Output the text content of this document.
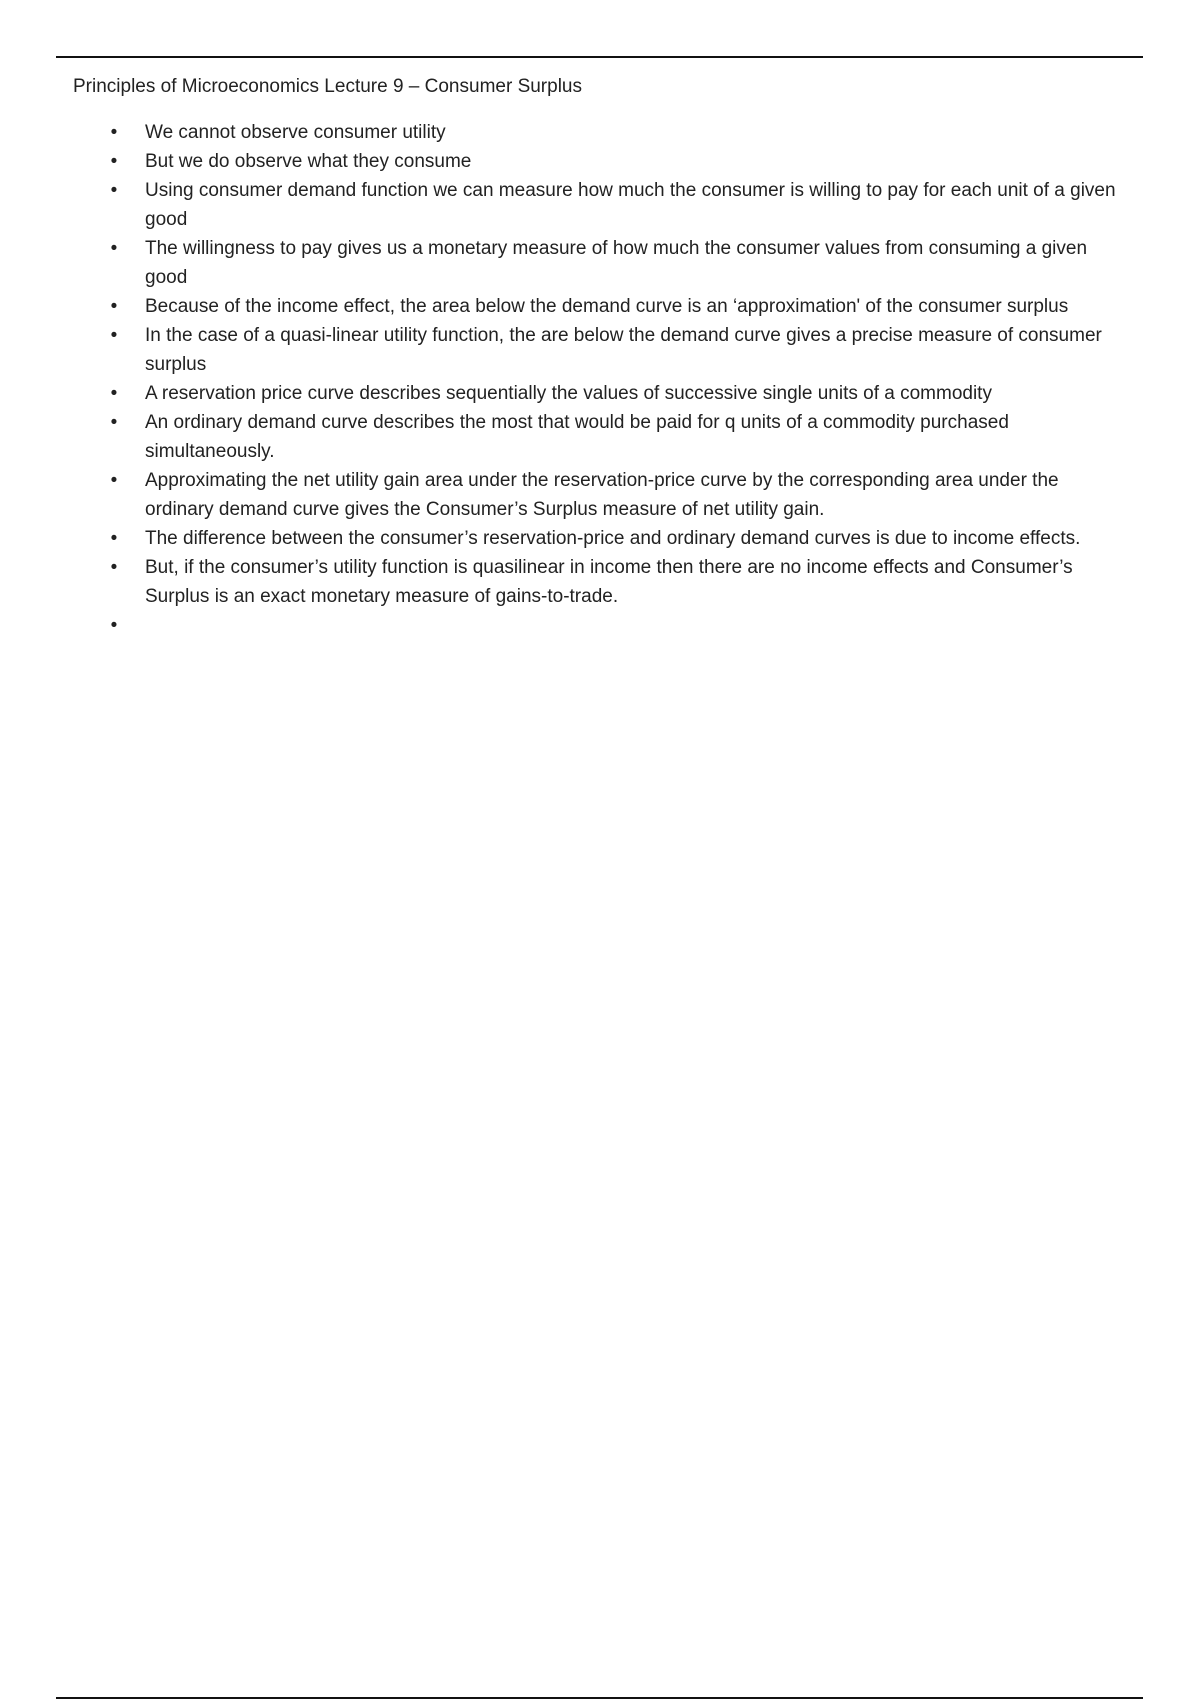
Principles of Microeconomics Lecture 9 – Consumer Surplus
• We cannot observe consumer utility
• But we do observe what they consume
• Using consumer demand function we can measure how much the consumer is willing to pay for each unit of a given good
• The willingness to pay gives us a monetary measure of how much the consumer values from consuming a given good
• Because of the income effect, the area below the demand curve is an ‘approximation' of the consumer surplus
• In the case of a quasi-linear utility function, the are below the demand curve gives a precise measure of consumer surplus
• A reservation price curve describes sequentially the values of successive single units of a commodity
• An ordinary demand curve describes the most that would be paid for q units of a commodity purchased simultaneously.
• Approximating the net utility gain area under the reservation-price curve by the corresponding area under the ordinary demand curve gives the Consumer’s Surplus measure of net utility gain.
• The difference between the consumer’s reservation-price and ordinary demand curves is due to income effects.
• But, if the consumer’s utility function is quasilinear in income then there are no income effects and Consumer’s Surplus is an exact monetary measure of gains-to-trade.
•
